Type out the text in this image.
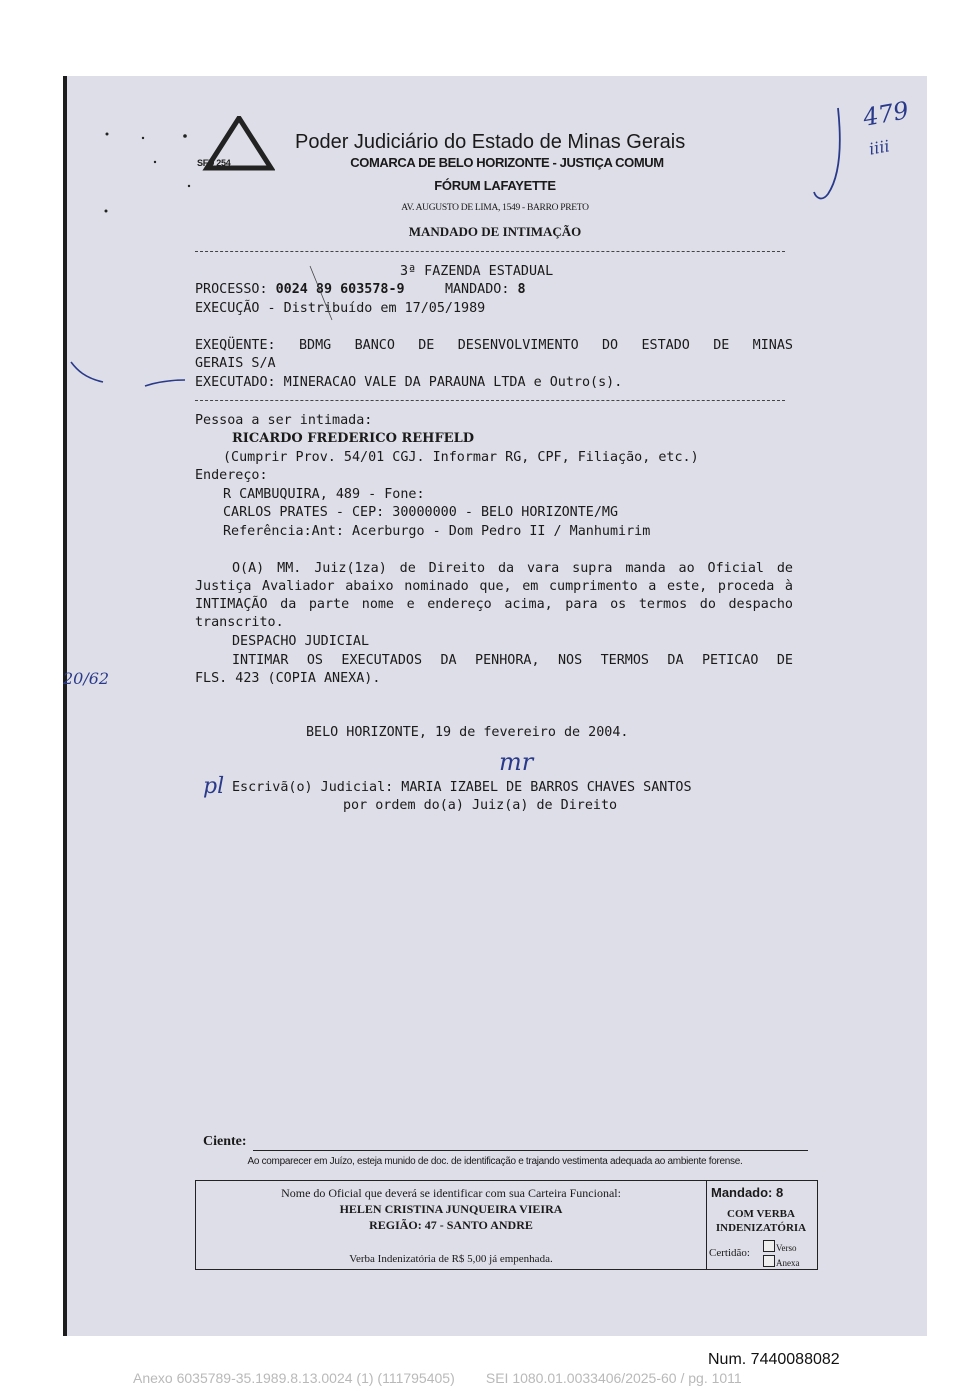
SFD 254
Poder Judiciário do Estado de Minas Gerais
COMARCA DE BELO HORIZONTE - JUSTIÇA COMUM
FÓRUM LAFAYETTE
AV. AUGUSTO DE LIMA, 1549 - BARRO PRETO
MANDADO DE INTIMAÇÃO
479
iiii
3ª FAZENDA ESTADUAL
PROCESSO: 0024 89 603578-9	MANDADO: 8
EXECUÇÃO - Distribuído em 17/05/1989
EXEQÜENTE: BDMG BANCO DE DESENVOLVIMENTO DO ESTADO DE MINAS
GERAIS S/A
EXECUTADO: MINERACAO VALE DA PARAUNA LTDA e Outro(s).
Pessoa a ser intimada:
RICARDO FREDERICO REHFELD
(Cumprir Prov. 54/01 CGJ. Informar RG, CPF, Filiação, etc.)
Endereço:
R CAMBUQUIRA, 489 - Fone:
CARLOS PRATES - CEP: 30000000 - BELO HORIZONTE/MG
Referência:Ant: Acerburgo - Dom Pedro II / Manhumirim
O(A) MM. Juiz(1za) de Direito da vara supra manda ao Oficial de Justiça Avaliador abaixo nominado que, em cumprimento a este, proceda à INTIMAÇÃO da parte nome e endereço acima, para os termos do despacho transcrito.
DESPACHO JUDICIAL
INTIMAR OS EXECUTADOS DA PENHORA, NOS TERMOS DA PETICAO DE
FLS. 423 (COPIA ANEXA).
20/62
BELO HORIZONTE, 19 de fevereiro de 2004.
mr
pl Escrivã(o) Judicial: MARIA IZABEL DE BARROS CHAVES SANTOS
por ordem do(a) Juiz(a) de Direito
Ciente:
Ao comparecer em Juízo, esteja munido de doc. de identificação e trajando vestimenta adequada ao ambiente forense.
Nome do Oficial que deverá se identificar com sua Carteira Funcional:
HELEN CRISTINA JUNQUEIRA VIEIRA
REGIÃO: 47 - SANTO ANDRE
Verba Indenizatória de R$ 5,00 já empenhada.
Mandado: 8
COM VERBA
INDENIZATÓRIA
Certidão:	Verso
Anexa
Num. 7440088082
Anexo 6035789-35.1989.8.13.0024 (1) (111795405)        SEI 1080.01.0033406/2025-60 / pg. 1011
